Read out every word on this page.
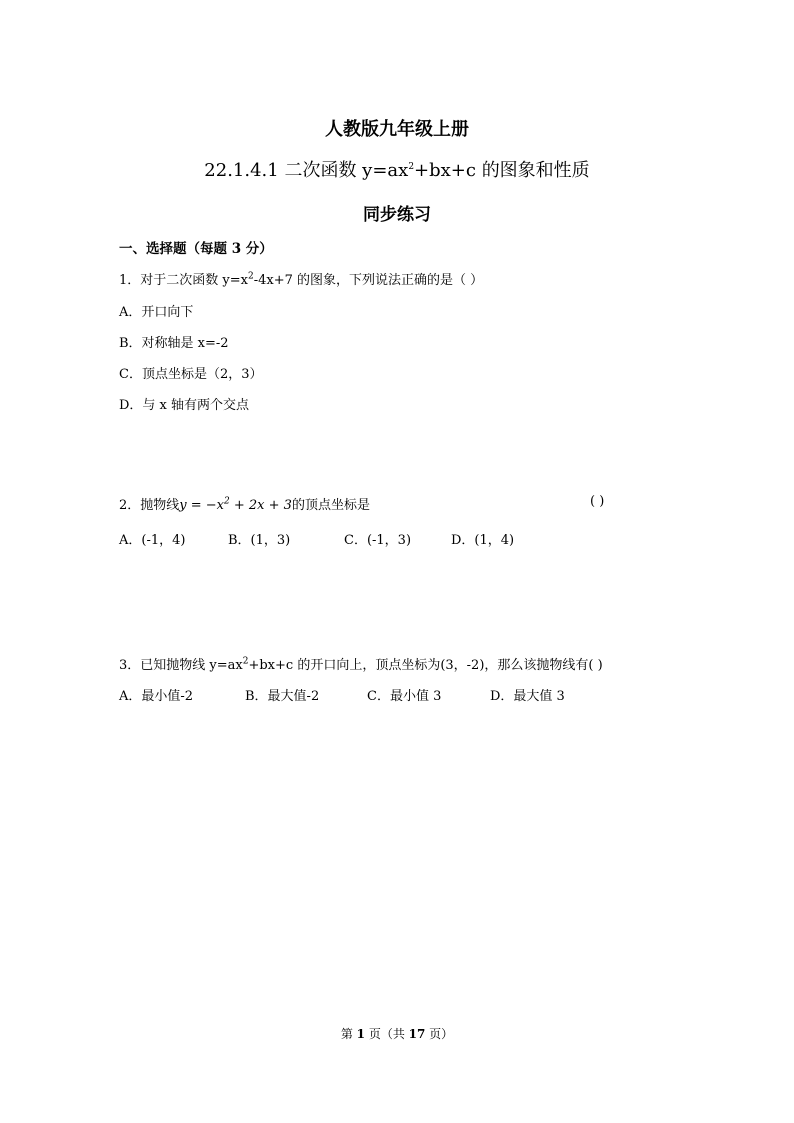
人教版九年级上册
22.1.4.1 二次函数 $y=ax^2+bx+c$ 的图象和性质
同步练习
一、选择题（每题 3 分）
1．对于二次函数 $y=x^2-4x+7$ 的图象，下列说法正确的是（ ）
A．开口向下
B．对称轴是 x=-2
C．顶点坐标是（2，3）
D．与 x 轴有两个交点
2．抛物线$y = -x^2 + 2x + 3$的顶点坐标是	( )
A．(-1，4)	B．(1，3)	C．(-1，3)	D．(1，4)
3．已知抛物线 $y=ax^2+bx+c$ 的开口向上，顶点坐标为(3，-2)，那么该抛物线有( )
A．最小值-2	B．最大值-2	C．最小值 3	D．最大值 3
第 1 页（共 17 页）
